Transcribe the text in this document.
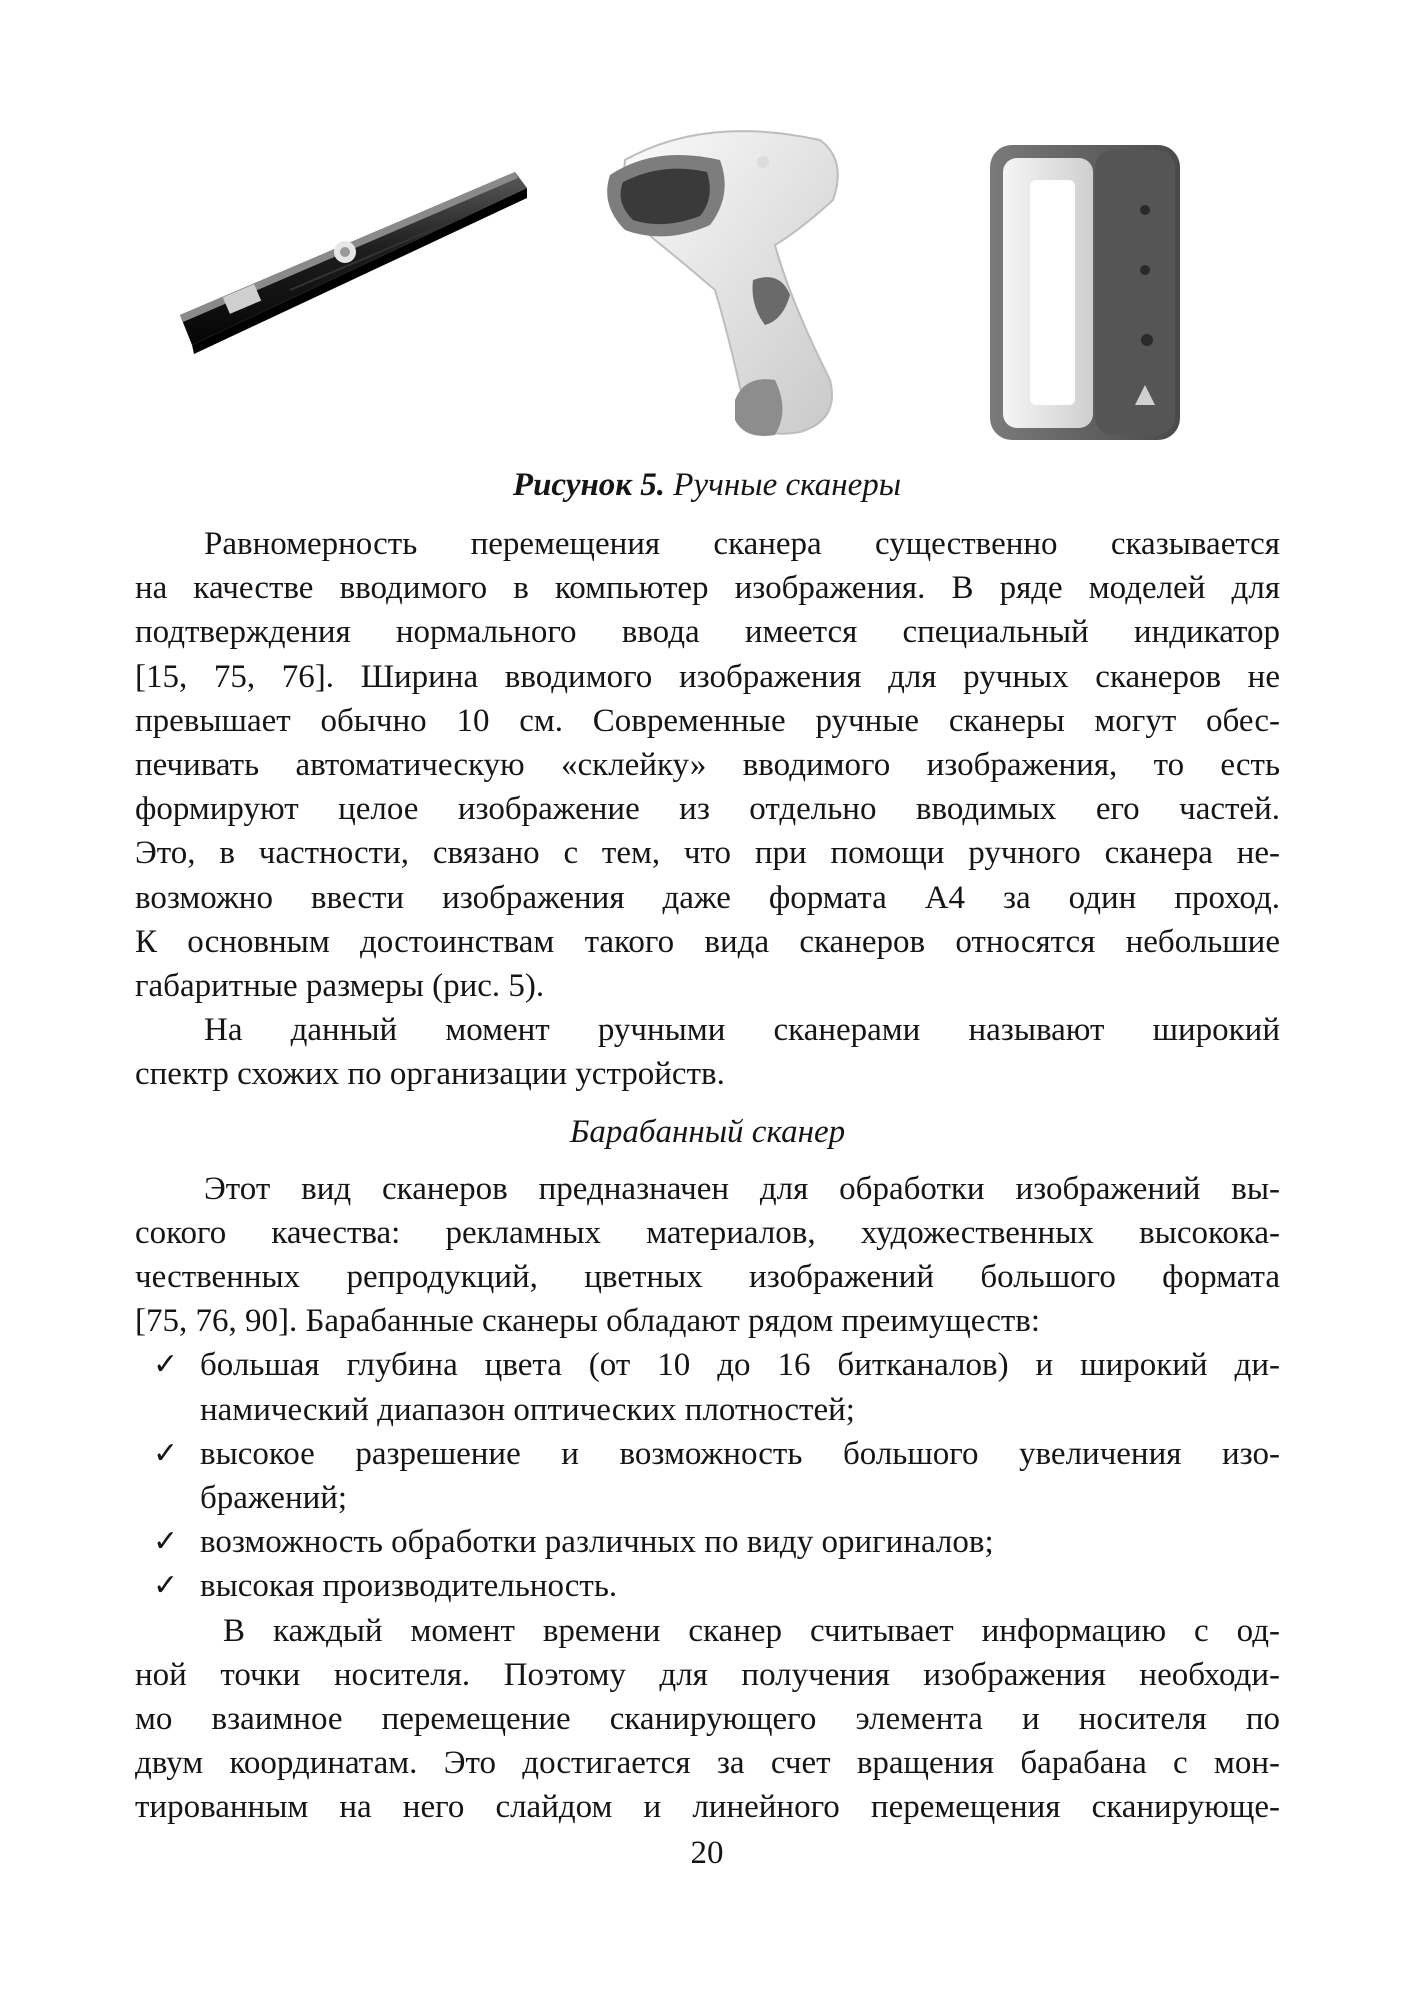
Рисунок 5. Ручные сканеры
Равномерность перемещения сканера существенно сказывается
на качестве вводимого в компьютер изображения. В ряде моделей для
подтверждения нормального ввода имеется специальный индикатор
[15, 75, 76]. Ширина вводимого изображения для ручных сканеров не
превышает обычно 10 см. Современные ручные сканеры могут обес-
печивать автоматическую «склейку» вводимого изображения, то есть
формируют целое изображение из отдельно вводимых его частей.
Это, в частности, связано с тем, что при помощи ручного сканера не-
возможно ввести изображения даже формата А4 за один проход.
К основным достоинствам такого вида сканеров относятся небольшие
габаритные размеры (рис. 5).
На данный момент ручными сканерами называют широкий
спектр схожих по организации устройств.
Барабанный сканер
Этот вид сканеров предназначен для обработки изображений вы-
сокого качества: рекламных материалов, художественных высокока-
чественных репродукций, цветных изображений большого формата
[75, 76, 90]. Барабанные сканеры обладают рядом преимуществ:
✓ большая глубина цвета (от 10 до 16 битканалов) и широкий ди-
намический диапазон оптических плотностей;
✓ высокое разрешение и возможность большого увеличения изо-
бражений;
✓ возможность обработки различных по виду оригиналов;
✓ высокая производительность.
В каждый момент времени сканер считывает информацию с од-
ной точки носителя. Поэтому для получения изображения необходи-
мо взаимное перемещение сканирующего элемента и носителя по
двум координатам. Это достигается за счет вращения барабана с мон-
тированным на него слайдом и линейного перемещения сканирующе-
20
